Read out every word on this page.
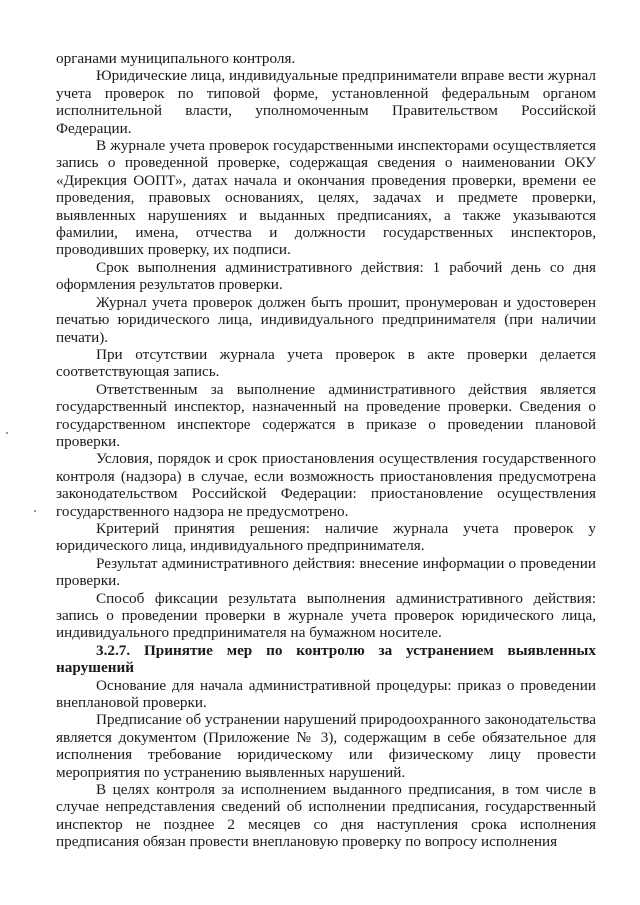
органами муниципального контроля.

Юридические лица, индивидуальные предприниматели вправе вести журнал учета проверок по типовой форме, установленной федеральным органом исполнительной власти, уполномоченным Правительством Российской Федерации.

В журнале учета проверок государственными инспекторами осуществляется запись о проведенной проверке, содержащая сведения о наименовании ОКУ «Дирекция ООПТ», датах начала и окончания проведения проверки, времени ее проведения, правовых основаниях, целях, задачах и предмете проверки, выявленных нарушениях и выданных предписаниях, а также указываются фамилии, имена, отчества и должности государственных инспекторов, проводивших проверку, их подписи.

Срок выполнения административного действия: 1 рабочий день со дня оформления результатов проверки.

Журнал учета проверок должен быть прошит, пронумерован и удостоверен печатью юридического лица, индивидуального предпринимателя (при наличии печати).

При отсутствии журнала учета проверок в акте проверки делается соответствующая запись.

Ответственным за выполнение административного действия является государственный инспектор, назначенный на проведение проверки. Сведения о государственном инспекторе содержатся в приказе о проведении плановой проверки.

Условия, порядок и срок приостановления осуществления государственного контроля (надзора) в случае, если возможность приостановления предусмотрена законодательством Российской Федерации: приостановление осуществления государственного надзора не предусмотрено.

Критерий принятия решения: наличие журнала учета проверок у юридического лица, индивидуального предпринимателя.

Результат административного действия: внесение информации о проведении проверки.

Способ фиксации результата выполнения административного действия: запись о проведении проверки в журнале учета проверок юридического лица, индивидуального предпринимателя на бумажном носителе.

3.2.7. Принятие мер по контролю за устранением выявленных нарушений

Основание для начала административной процедуры: приказ о проведении внеплановой проверки.

Предписание об устранении нарушений природоохранного законодательства является документом (Приложение № 3), содержащим в себе обязательное для исполнения требование юридическому или физическому лицу провести мероприятия по устранению выявленных нарушений.

В целях контроля за исполнением выданного предписания, в том числе в случае непредставления сведений об исполнении предписания, государственный инспектор не позднее 2 месяцев со дня наступления срока исполнения предписания обязан провести внеплановую проверку по вопросу исполнения
